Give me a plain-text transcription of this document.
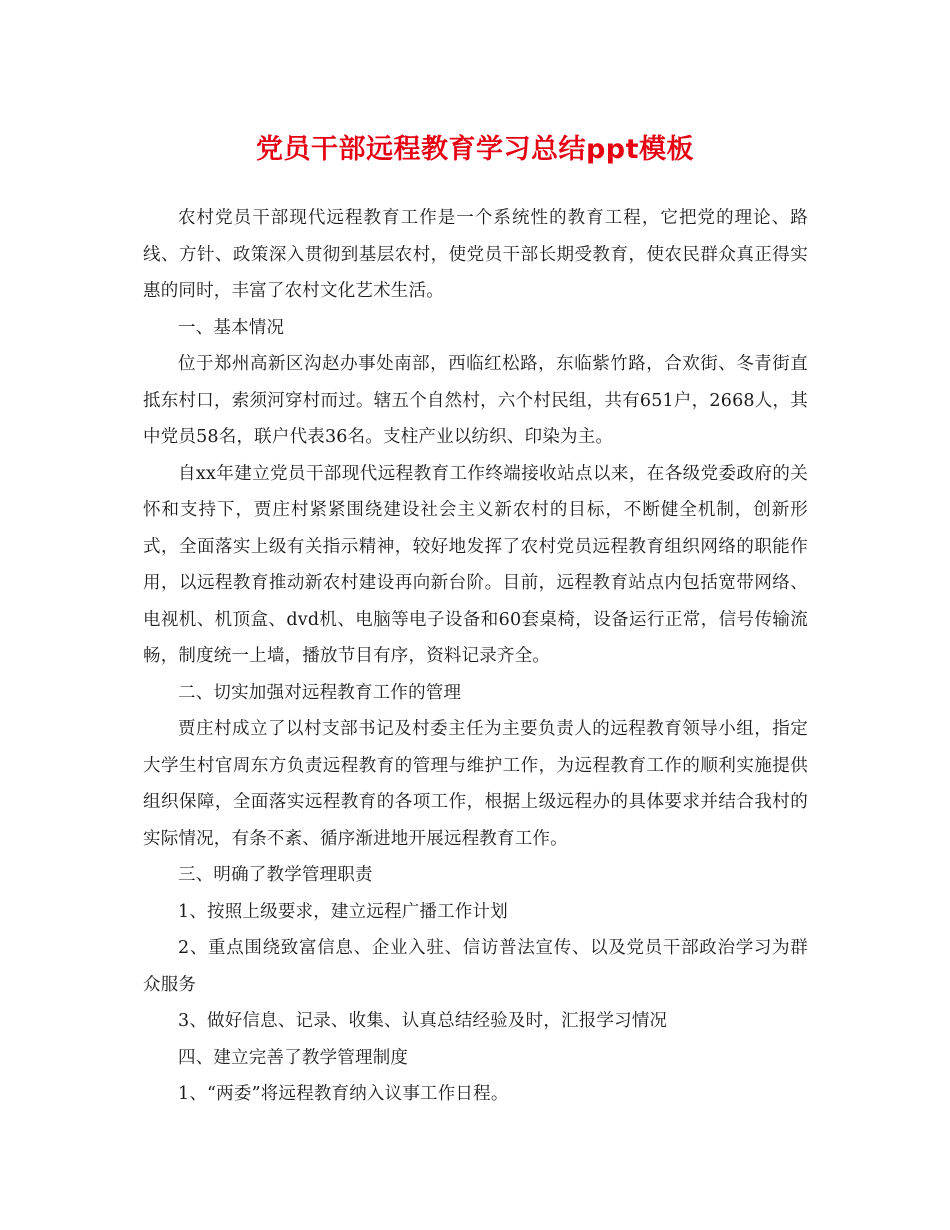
党员干部远程教育学习总结ppt模板

农村党员干部现代远程教育工作是一个系统性的教育工程，它把党的理论、路线、方针、政策深入贯彻到基层农村，使党员干部长期受教育，使农民群众真正得实惠的同时，丰富了农村文化艺术生活。

一、基本情况

位于郑州高新区沟赵办事处南部，西临红松路，东临紫竹路，合欢街、冬青街直抵东村口，索须河穿村而过。辖五个自然村，六个村民组，共有651户，2668人，其中党员58名，联户代表36名。支柱产业以纺织、印染为主。

自xx年建立党员干部现代远程教育工作终端接收站点以来，在各级党委政府的关怀和支持下，贾庄村紧紧围绕建设社会主义新农村的目标，不断健全机制，创新形式，全面落实上级有关指示精神，较好地发挥了农村党员远程教育组织网络的职能作用，以远程教育推动新农村建设再向新台阶。目前，远程教育站点内包括宽带网络、电视机、机顶盒、dvd机、电脑等电子设备和60套桌椅，设备运行正常，信号传输流畅，制度统一上墙，播放节目有序，资料记录齐全。

二、切实加强对远程教育工作的管理

贾庄村成立了以村支部书记及村委主任为主要负责人的远程教育领导小组，指定大学生村官周东方负责远程教育的管理与维护工作，为远程教育工作的顺利实施提供组织保障，全面落实远程教育的各项工作，根据上级远程办的具体要求并结合我村的实际情况，有条不紊、循序渐进地开展远程教育工作。

三、明确了教学管理职责

1、按照上级要求，建立远程广播工作计划

2、重点围绕致富信息、企业入驻、信访普法宣传、以及党员干部政治学习为群众服务

3、做好信息、记录、收集、认真总结经验及时，汇报学习情况

四、建立完善了教学管理制度

1、“两委”将远程教育纳入议事工作日程。
